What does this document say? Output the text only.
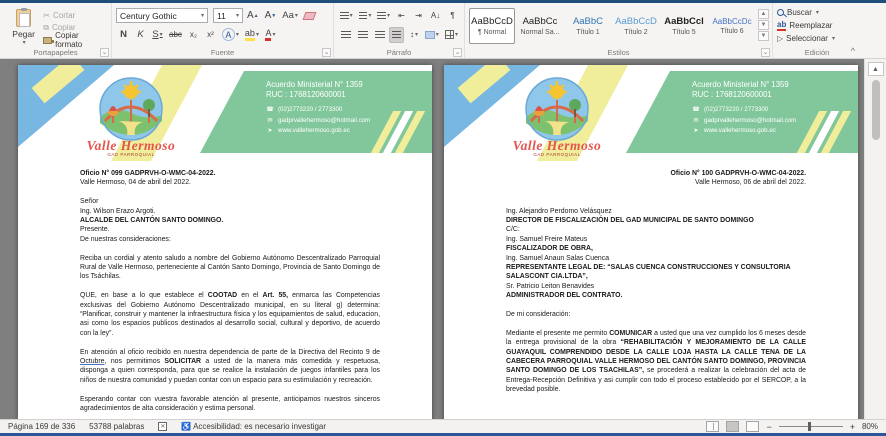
Pegar
▾
✂ Cortar
⧉ Copiar
Copiar formato
Portapapeles	⌄
Century Gothic	▾ 11 ▾ A ▲ A ▼ Aa ▾
N	K S ▾ abc x₂	x²	A ▾ ab ▾ A ▾
Fuente	⌄
▾	▾	▾	⇤	⇥	A↓	¶
↕ ▾	▾	▾
Párrafo	⌄
AaBbCcD
¶ Normal
AaBbCc
Normal Sa...
AaBbC
Título 1
AaBbCcD
Título 2
AaBbCcl
Título 5
AaBbCcDc
Título 6
▲
▼
▼
Estilos	⌄
Buscar ▾
ab Reemplazar
▷ Seleccionar ▾
Edición	^
Valle Hermoso
GAD PARROQUIAL
Acuerdo Ministerial N° 1359
RUC : 1768120600001
☎ (02)2773220 / 2773300
✉ gadprvallehermoso@hotmail.com
➤ www.vallehermoso.gob.ec
Oficio N° 099 GADPRVH-O-WMC-04-2022.
Valle Hermoso, 04 de abril del 2022.
Señor
Ing. Wilson Erazo Argoti.
ALCALDE DEL CANTÓN SANTO DOMINGO.
Presente.
De nuestras consideraciones:
Reciba un cordial y atento saludo a nombre del Gobierno Autónomo Descentralizado Parroquial Rural de Valle Hermoso, perteneciente al Cantón Santo Domingo, Provincia de Santo Domingo de los Tsáchilas.
QUE, en base a lo que establece el COOTAD en el Art. 55, enmarca las Competencias exclusivas del Gobierno Autónomo Descentralizado municipal, en su literal g) determina: “Planificar, construir y mantener la infraestructura física y los equipamientos de salud, educacion, asi como los espacios publicos destinados al desarrollo social, cultural y deportivo, de acuerdo con la ley”.
En atención al oficio recibido en nuestra dependencia de parte de la Directiva del Recinto 9 de Octubre, nos permitimos SOLICITAR a usted de la manera más comedida y respetuosa, disponga a quien corresponda, para que se realice la instalación de juegos infantiles para los niños de nuestra comunidad y puedan contar con un espacio para su estimulación y recreación.
Esperando contar con vuestra favorable atención al presente, anticipamos nuestros sinceros agradecimientos de alta consideración y estima personal.
Valle Hermoso
GAD PARROQUIAL
Acuerdo Ministerial N° 1359
RUC : 1768120600001
☎ (02)2773220 / 2773300
✉ gadprvallehermoso@hotmail.com
➤ www.vallehermoso.gob.ec
Oficio N° 100 GADPRVH-O-WMC-04-2022.
Valle Hermoso, 06 de abril del 2022.
Ing. Alejandro Perdomo Velásquez
DIRECTOR DE FISCALIZACIÓN DEL GAD MUNICIPAL DE SANTO DOMINGO
C/C:
Ing. Samuel Freire Mateus
FISCALIZADOR DE OBRA,
Ing. Samuel Anaun Salas Cuenca
REPRESENTANTE LEGAL DE: “SALAS CUENCA CONSTRUCCIONES Y CONSULTORIA SALASCONT CIA.LTDA”,
Sr. Patricio Leiton Benavides
ADMINISTRADOR DEL CONTRATO.
De mi consideración:
Mediante el presente me permito COMUNICAR a usted que una vez cumplido los 6 meses desde la entrega provisional de la obra “REHABILITACIÓN Y MEJORAMIENTO DE LA CALLE GUAYAQUIL COMPRENDIDO DESDE LA CALLE LOJA HASTA LA CALLE TENA DE LA CABECERA PARROQUIAL VALLE HERMOSO DEL CANTÓN SANTO DOMINGO, PROVINCIA SANTO DOMINGO DE LOS TSACHILAS”, se procederá a realizar la celebración del acta de Entrega-Recepción Definitiva y asi cumplir con todo el proceso establecido por el SERCOP, a la brevedad posible.
▲
Página 169 de 336 53788 palabras	✕ ♿ Accesibilidad: es necesario investigar	−	+ 80%
